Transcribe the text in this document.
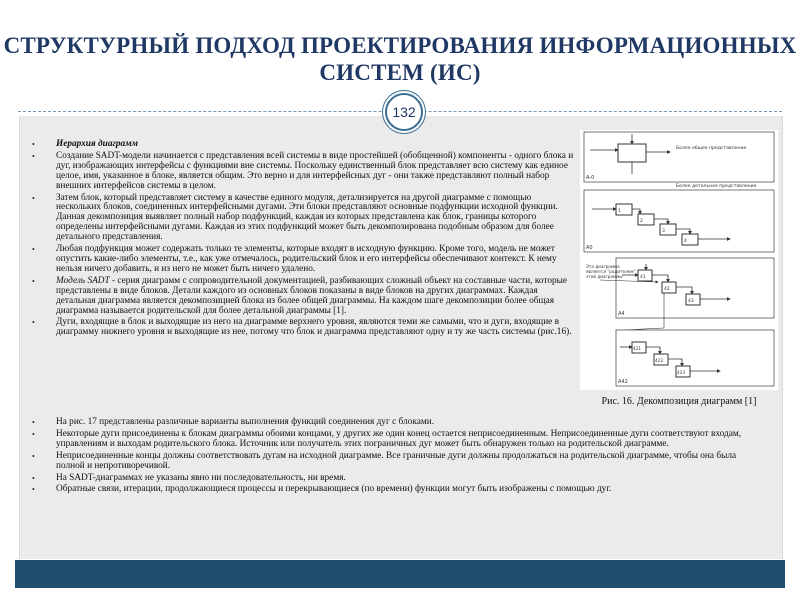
СТРУКТУРНЫЙ ПОДХОД ПРОЕКТИРОВАНИЯ ИНФОРМАЦИОННЫХ СИСТЕМ (ИС)
132
• Иерархия диаграмм
• Создание SADT-модели начинается с представления всей системы в виде простейшей (обобщенной) компоненты - одного блока и дуг, изображающих интерфейсы с функциями вне системы. Поскольку единственный блок представляет всю систему как единое целое, имя, указанное в блоке, является общим. Это верно и для интерфейсных дуг - они также представляют полный набор внешних интерфейсов системы в целом.
• Затем блок, который представляет систему в качестве единого модуля, детализируется на другой диаграмме с помощью нескольких блоков, соединенных интерфейсными дугами. Эти блоки представляют основные подфункции исходной функции. Данная декомпозиция выявляет полный набор подфункций, каждая из которых представлена как блок, границы которого определены интерфейсными дугами. Каждая из этих подфункций может быть декомпозирована подобным образом для более детального представления.
• Любая подфункция может содержать только те элементы, которые входят в исходную функцию. Кроме того, модель не может опустить какие-либо элементы, т.е., как уже отмечалось, родительский блок и его интерфейсы обеспечивают контекст. К нему нельзя ничего добавить, и из него не может быть ничего удалено.
• Модель SADT - серия диаграмм с сопроводительной документацией, разбивающих сложный объект на составные части, которые представлены в виде блоков. Детали каждого из основных блоков показаны в виде блоков на других диаграммах. Каждая детальная диаграмма является декомпозицией блока из более общей диаграммы. На каждом шаге декомпозиции более общая диаграмма называется родительской для более детальной диаграммы [1].
• Дуги, входящие в блок и выходящие из него на диаграмме верхнего уровня, являются теми же самыми, что и дуги, входящие в диаграмму нижнего уровня и выходящие из нее, потому что блок и диаграмма представляют одну и ту же часть системы (рис.16).
Более общее представление
A-0
Более детальное представление
1
2
3
4
A0
Эта диаграмма
является "родителем"
этой диаграммы	41
42
43
A4
421
422
423
A42
Рис. 16. Декомпозиция диаграмм [1]
• На рис. 17 представлены различные варианты выполнения функций соединения дуг с блоками.
• Некоторые дуги присоединены к блокам диаграммы обоими концами, у других же один конец остается неприсоединенным. Неприсоединенные дуги соответствуют входам, управлениям и выходам родительского блока. Источник или получатель этих пограничных дуг может быть обнаружен только на родительской диаграмме.
• Неприсоединенные концы должны соответствовать дугам на исходной диаграмме. Все граничные дуги должны продолжаться на родительской диаграмме, чтобы она была полной и непротиворечивой.
• На SADT-диаграммах не указаны явно ни последовательность, ни время.
• Обратные связи, итерации, продолжающиеся процессы и перекрывающиеся (по времени) функции могут быть изображены с помощью дуг.
